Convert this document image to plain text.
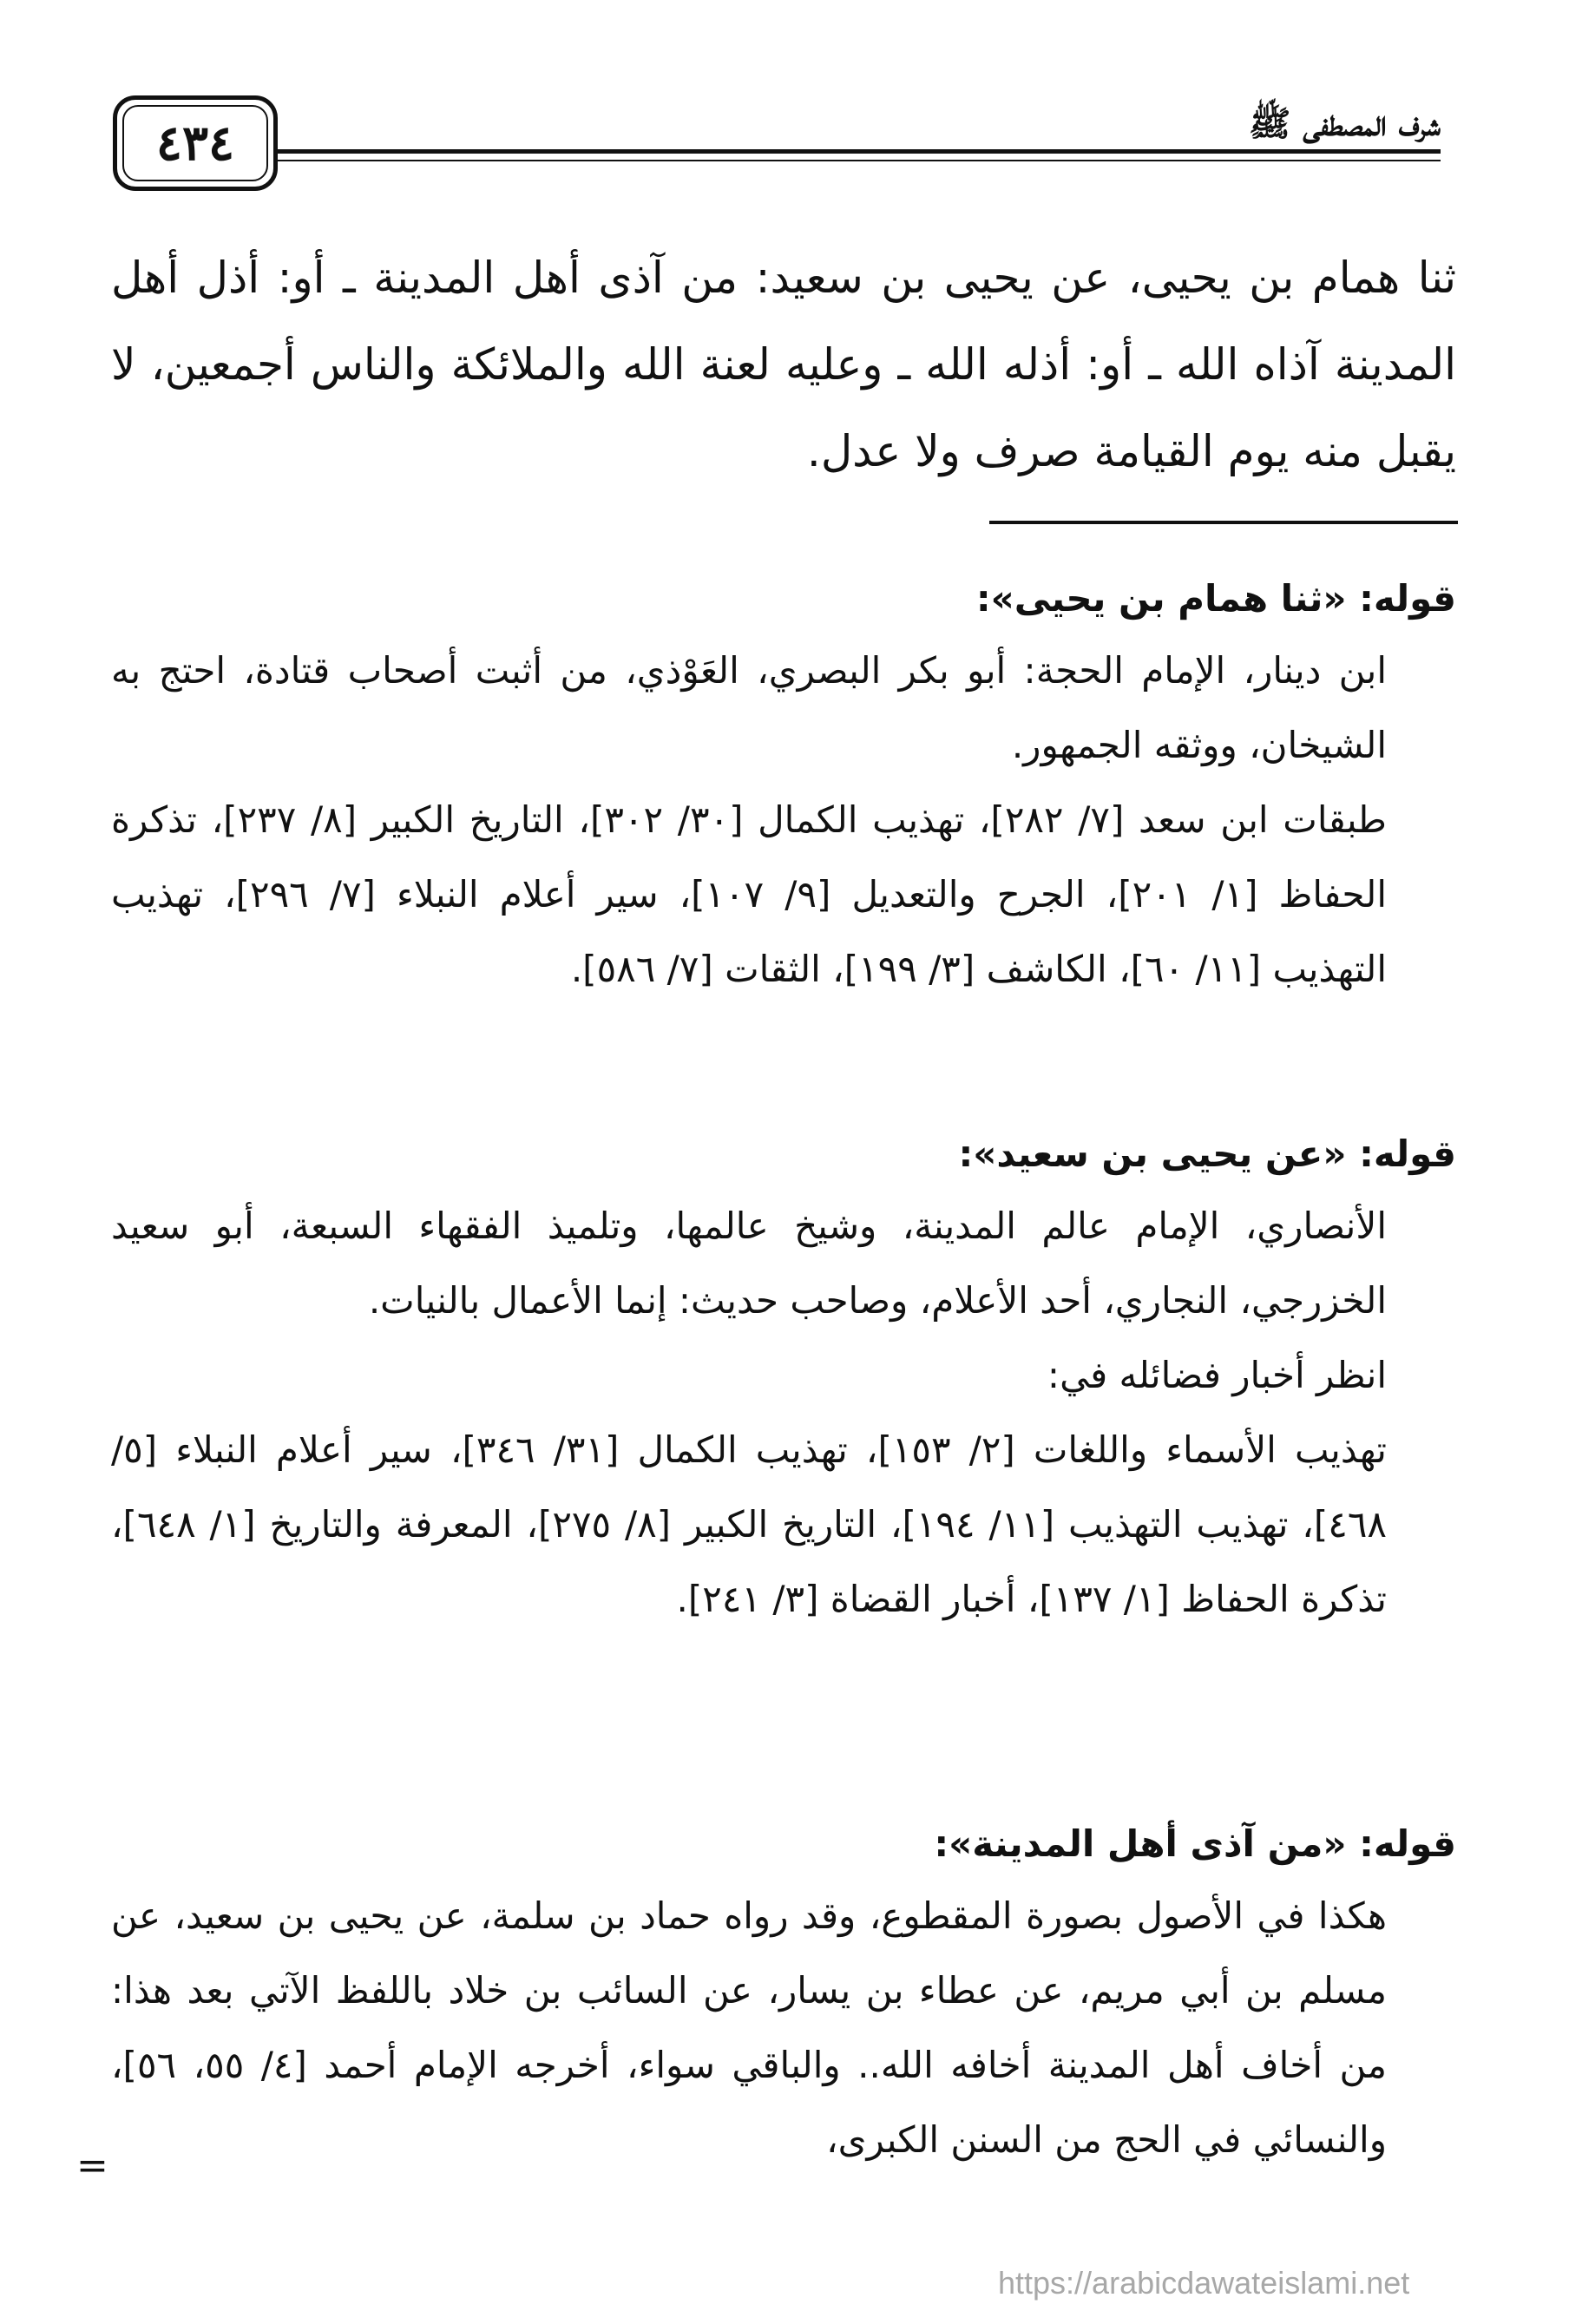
٤٣٤	شرف المصطفى ﷺ

ثنا همام بن يحيى، عن يحيى بن سعيد: من آذى أهل المدينة ـ أو: أذل أهل المدينة آذاه الله ـ أو: أذله الله ـ وعليه لعنة الله والملائكة والناس أجمعين، لا يقبل منه يوم القيامة صرف ولا عدل.

قوله: «ثنا همام بن يحيى»:

ابن دينار، الإمام الحجة: أبو بكر البصري، العَوْذي، من أثبت أصحاب قتادة، احتج به الشيخان، ووثقه الجمهور.

طبقات ابن سعد [٧/ ٢٨٢]، تهذيب الكمال [٣٠/ ٣٠٢]، التاريخ الكبير [٨/ ٢٣٧]، تذكرة الحفاظ [١/ ٢٠١]، الجرح والتعديل [٩/ ١٠٧]، سير أعلام النبلاء [٧/ ٢٩٦]، تهذيب التهذيب [١١/ ٦٠]، الكاشف [٣/ ١٩٩]، الثقات [٧/ ٥٨٦].

قوله: «عن يحيى بن سعيد»:

الأنصاري، الإمام عالم المدينة، وشيخ عالمها، وتلميذ الفقهاء السبعة، أبو سعيد الخزرجي، النجاري، أحد الأعلام، وصاحب حديث: إنما الأعمال بالنيات.

انظر أخبار فضائله في:

تهذيب الأسماء واللغات [٢/ ١٥٣]، تهذيب الكمال [٣١/ ٣٤٦]، سير أعلام النبلاء [٥/ ٤٦٨]، تهذيب التهذيب [١١/ ١٩٤]، التاريخ الكبير [٨/ ٢٧٥]، المعرفة والتاريخ [١/ ٦٤٨]، تذكرة الحفاظ [١/ ١٣٧]، أخبار القضاة [٣/ ٢٤١].

قوله: «من آذى أهل المدينة»:

هكذا في الأصول بصورة المقطوع، وقد رواه حماد بن سلمة، عن يحيى بن سعيد، عن مسلم بن أبي مريم، عن عطاء بن يسار، عن السائب بن خلاد باللفظ الآتي بعد هذا: من أخاف أهل المدينة أخافه الله.. والباقي سواء، أخرجه الإمام أحمد [٤/ ٥٥، ٥٦]، والنسائي في الحج من السنن الكبرى،

=
https://arabicdawateislami.net
